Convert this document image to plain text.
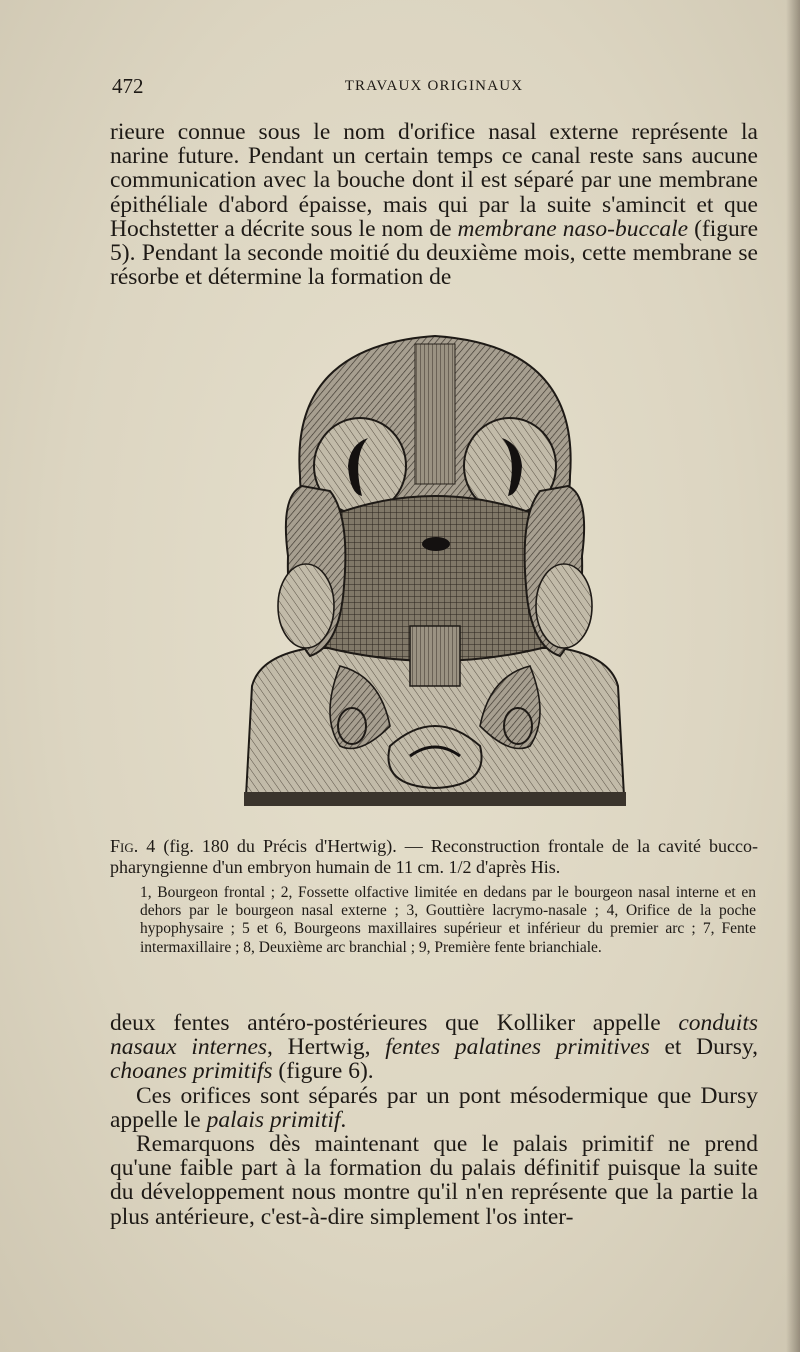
472	TRAVAUX ORIGINAUX

rieure connue sous le nom d'orifice nasal externe représente la narine future. Pendant un certain temps ce canal reste sans aucune communication avec la bouche dont il est séparé par une membrane épithéliale d'abord épaisse, mais qui par la suite s'amincit et que Hochstetter a décrite sous le nom de membrane naso-buccale (figure 5). Pendant la seconde moitié du deuxième mois, cette membrane se résorbe et détermine la formation de

Fig. 4 (fig. 180 du Précis d'Hertwig). — Reconstruction frontale de la cavité bucco-pharyngienne d'un embryon humain de 11 cm. 1/2 d'après His.

1, Bourgeon frontal ; 2, Fossette olfactive limitée en dedans par le bourgeon nasal interne et en dehors par le bourgeon nasal externe ; 3, Gouttière lacrymo-nasale ; 4, Orifice de la poche hypophysaire ; 5 et 6, Bourgeons maxillaires supérieur et inférieur du premier arc ; 7, Fente intermaxillaire ; 8, Deuxième arc branchial ; 9, Première fente brianchiale.

deux fentes antéro-postérieures que Kolliker appelle conduits nasaux internes, Hertwig, fentes palatines primitives et Dursy, choanes primitifs (figure 6).

Ces orifices sont séparés par un pont mésodermique que Dursy appelle le palais primitif.

Remarquons dès maintenant que le palais primitif ne prend qu'une faible part à la formation du palais définitif puisque la suite du développement nous montre qu'il n'en représente que la partie la plus antérieure, c'est-à-dire simplement l'os inter-
